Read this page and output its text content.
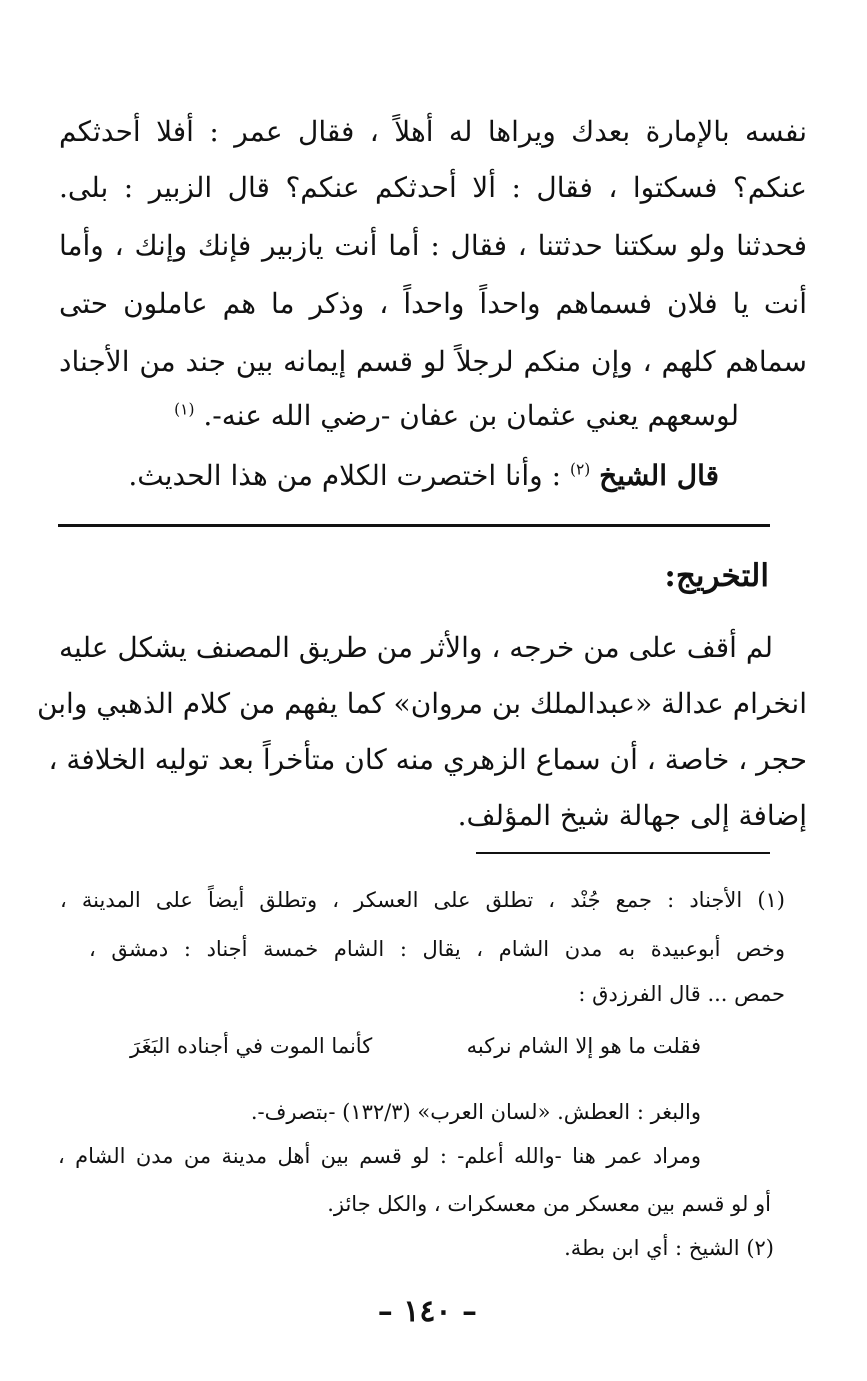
نفسه بالإمارة بعدك ويراها له أهلاً ، فقال عمر : أفلا أحدثكم
عنكم؟ فسكتوا ، فقال : ألا أحدثكم عنكم؟ قال الزبير : بلى.
فحدثنا ولو سكتنا حدثتنا ، فقال : أما أنت يازبير فإنك وإنك ، وأما
أنت يا فلان فسماهم واحداً واحداً ، وذكر ما هم عاملون حتى
سماهم كلهم ، وإن منكم لرجلاً لو قسم إيمانه بين جند من الأجناد
لوسعهم يعني عثمان بن عفان -رضي الله عنه-. $^{(١)}$
قال الشيخ $^{(٢)}$ : وأنا اختصرت الكلام من هذا الحديث.
التخريج:
لم أقف على من خرجه ، والأثر من طريق المصنف يشكل عليه
انخرام عدالة «عبدالملك بن مروان» كما يفهم من كلام الذهبي وابن
حجر ، خاصة ، أن سماع الزهري منه كان متأخراً بعد توليه الخلافة ،
إضافة إلى جهالة شيخ المؤلف.
(١) الأجناد : جمع جُنْد ، تطلق على العسكر ، وتطلق أيضاً على المدينة ،
وخص أبوعبيدة به مدن الشام ، يقال : الشام خمسة أجناد : دمشق ،
حمص ... قال الفرزدق :
فقلت ما هو إلا الشام نركبه
كأنما الموت في أجناده البَغَرَ
والبغر : العطش. «لسان العرب» (١٣٢/٣) -بتصرف-.
ومراد عمر هنا -والله أعلم- : لو قسم بين أهل مدينة من مدن الشام ،
أو لو قسم بين معسكر من معسكرات ، والكل جائز.
(٢) الشيخ : أي ابن بطة.
– ١٤٠ –
